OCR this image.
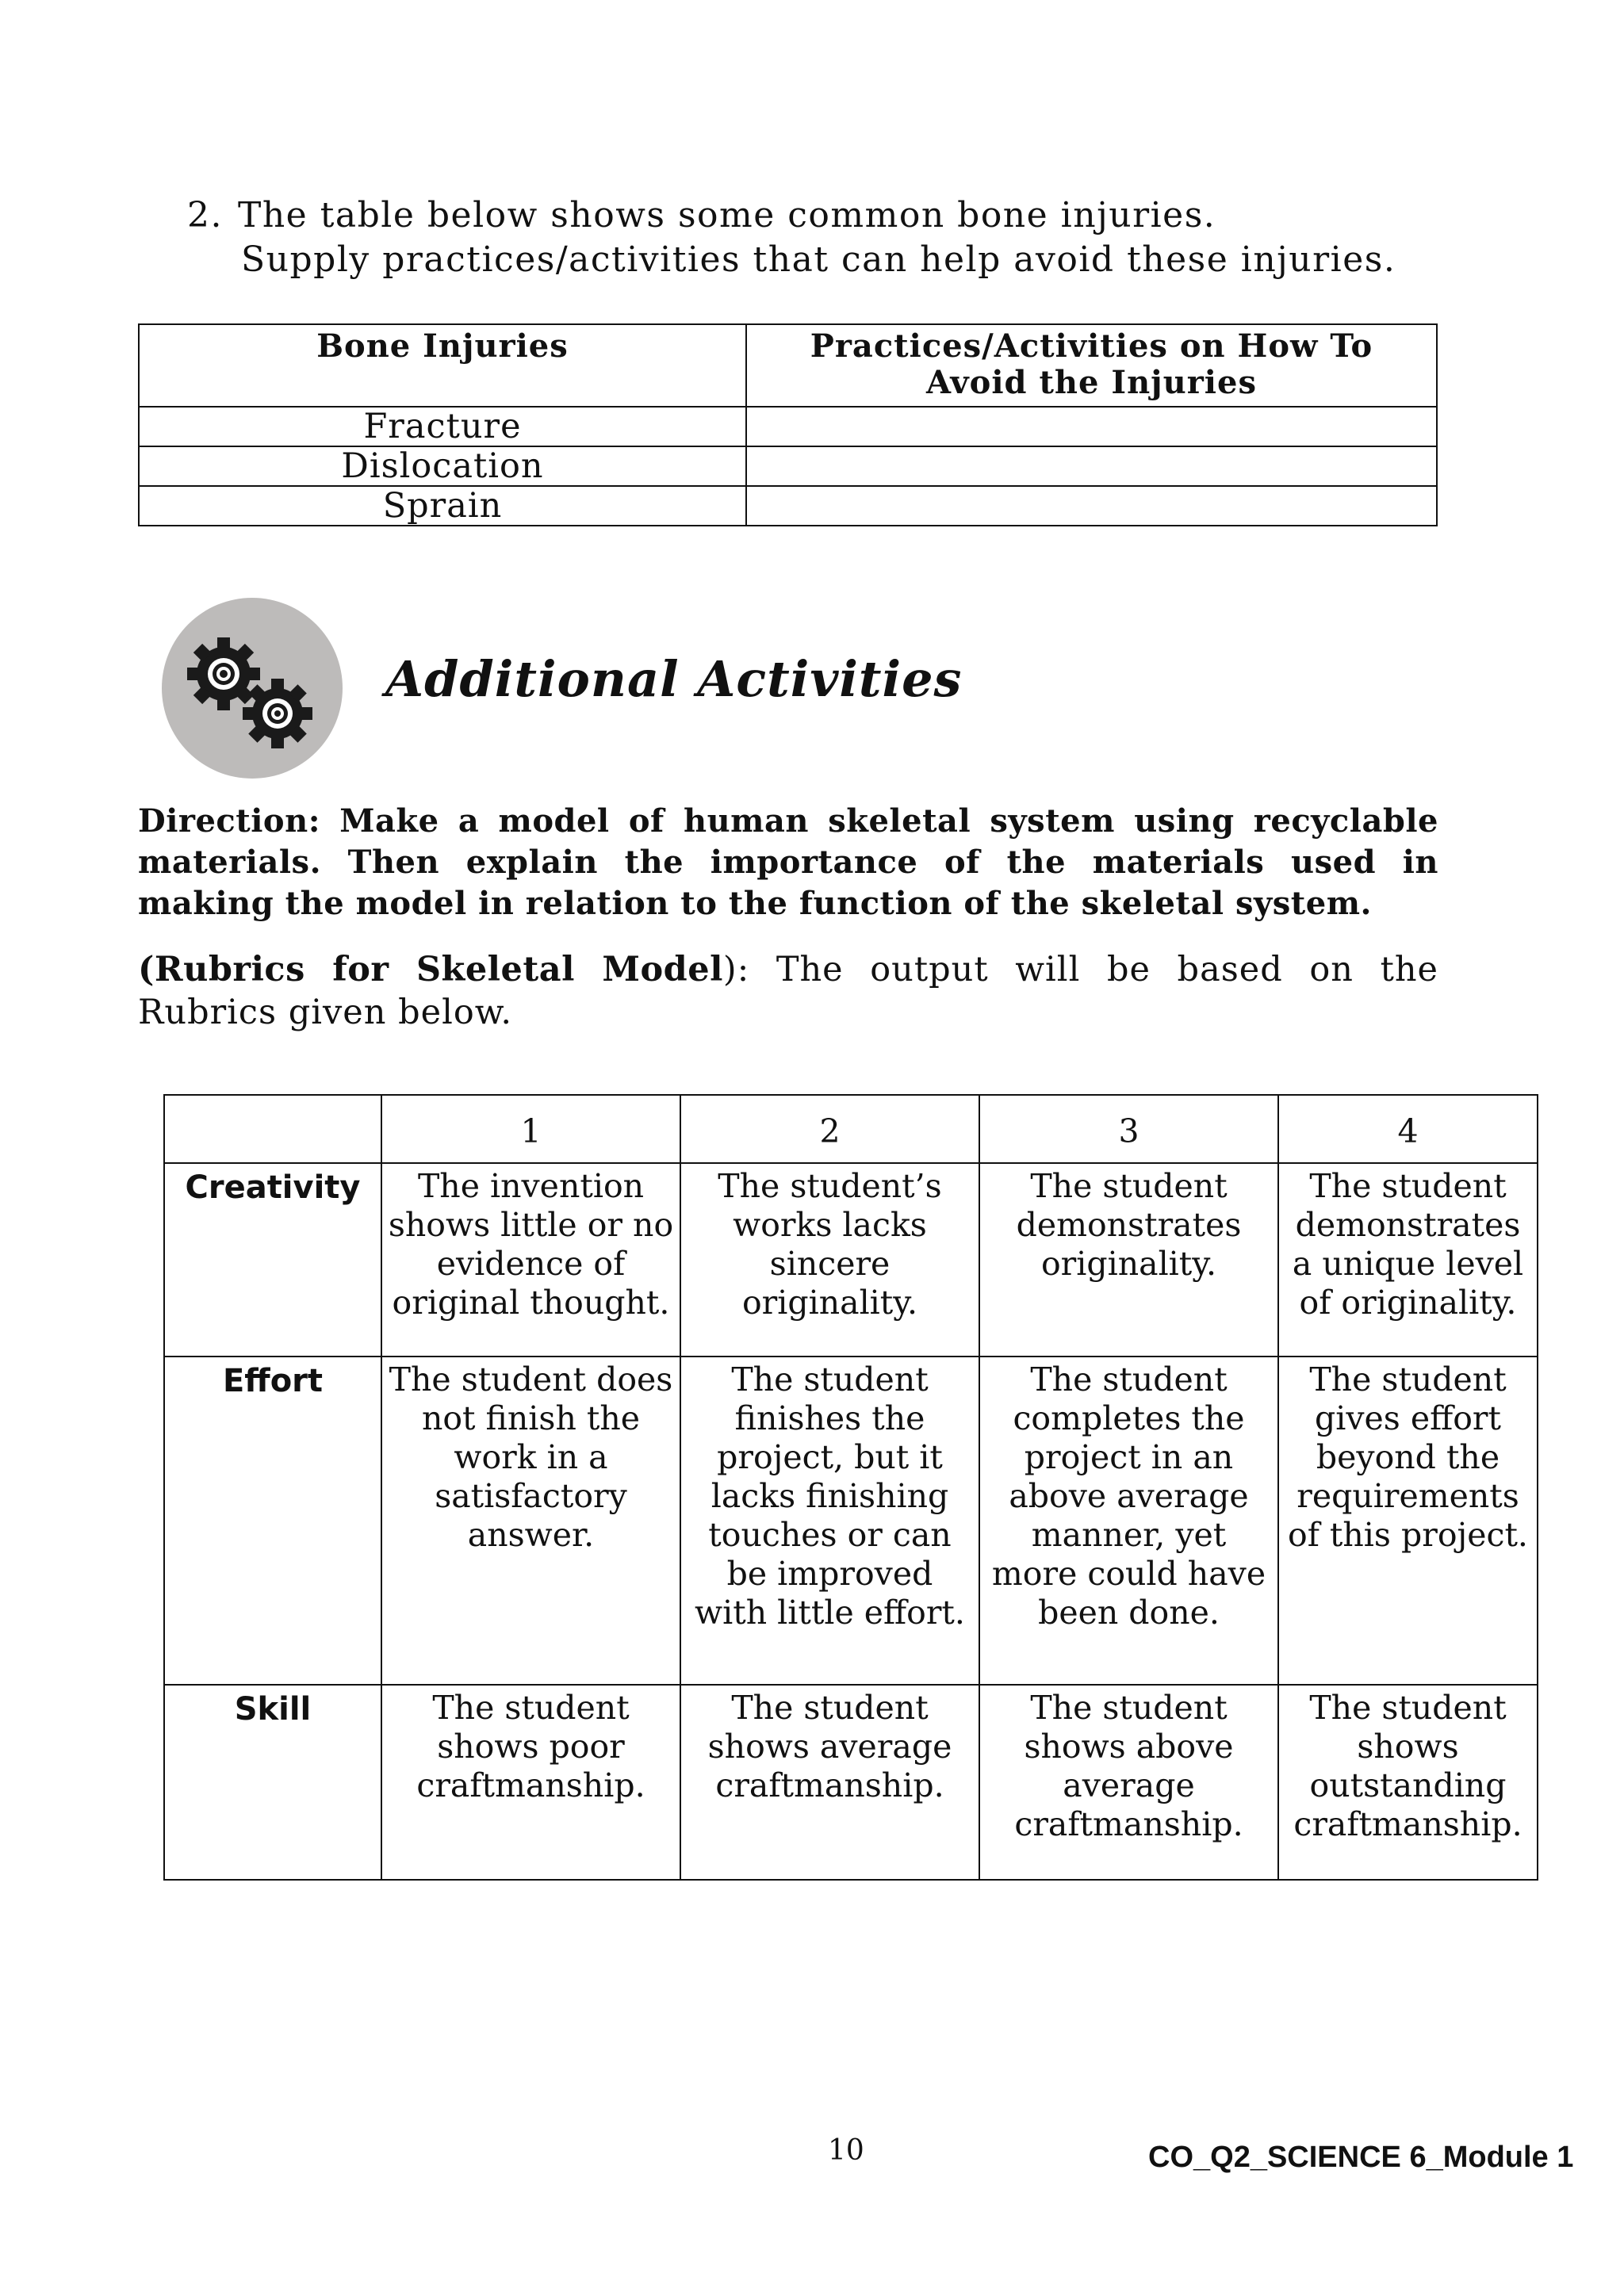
2. The table below shows some common bone injuries.
Supply practices/activities that can help avoid these injuries.
Bone Injuries	Practices/Activities on How To Avoid the Injuries
Fracture	
Dislocation	
Sprain	
Additional Activities
Direction: Make a model of human skeletal system using recyclable materials. Then explain the importance of the materials used in making the model in relation to the function of the skeletal system.
(Rubrics for Skeletal Model): The output will be based on the Rubrics given below.
	1	2	3	4
Creativity	The invention shows little or no evidence of original thought.	The student’s works lacks sincere originality.	The student demonstrates originality.	The student demonstrates a unique level of originality.
Effort	The student does not finish the work in a satisfactory answer.	The student finishes the project, but it lacks finishing touches or can be improved with little effort.	The student completes the project in an above average manner, yet more could have been done.	The student gives effort beyond the requirements of this project.
Skill	The student shows poor craftmanship.	The student shows average craftmanship.	The student shows above average craftmanship.	The student shows outstanding craftmanship.
10	CO_Q2_SCIENCE 6_Module 1
